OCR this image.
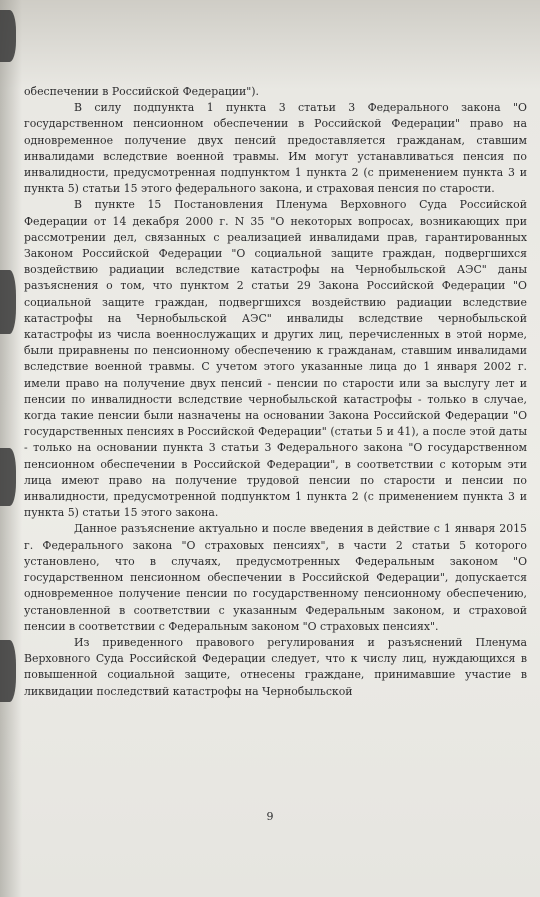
обеспечении в Российской Федерации").

В силу подпункта 1 пункта 3 статьи 3 Федерального закона "О государственном пенсионном обеспечении в Российской Федерации" право на одновременное получение двух пенсий предоставляется гражданам, ставшим инвалидами вследствие военной травмы. Им могут устанавливаться пенсия по инвалидности, предусмотренная подпунктом 1 пункта 2 (с применением пункта 3 и пункта 5) статьи 15 этого федерального закона, и страховая пенсия по старости.

В пункте 15 Постановления Пленума Верховного Суда Российской Федерации от 14 декабря 2000 г. N 35 "О некоторых вопросах, возникающих при рассмотрении дел, связанных с реализацией инвалидами прав, гарантированных Законом Российской Федерации "О социальной защите граждан, подвергшихся воздействию радиации вследствие катастрофы на Чернобыльской АЭС" даны разъяснения о том, что пунктом 2 статьи 29 Закона Российской Федерации "О социальной защите граждан, подвергшихся воздействию радиации вследствие катастрофы на Чернобыльской АЭС" инвалиды вследствие чернобыльской катастрофы из числа военнослужащих и других лиц, перечисленных в этой норме, были приравнены по пенсионному обеспечению к гражданам, ставшим инвалидами вследствие военной травмы. С учетом этого указанные лица до 1 января 2002 г. имели право на получение двух пенсий - пенсии по старости или за выслугу лет и пенсии по инвалидности вследствие чернобыльской катастрофы - только в случае, когда такие пенсии были назначены на основании Закона Российской Федерации "О государственных пенсиях в Российской Федерации" (статьи 5 и 41), а после этой даты - только на основании пункта 3 статьи 3 Федерального закона "О государственном пенсионном обеспечении в Российской Федерации", в соответствии с которым эти лица имеют право на получение трудовой пенсии по старости и пенсии по инвалидности, предусмотренной подпунктом 1 пункта 2 (с применением пункта 3 и пункта 5) статьи 15 этого закона.

Данное разъяснение актуально и после введения в действие с 1 января 2015 г. Федерального закона "О страховых пенсиях", в части 2 статьи 5 которого установлено, что в случаях, предусмотренных Федеральным законом "О государственном пенсионном обеспечении в Российской Федерации", допускается одновременное получение пенсии по государственному пенсионному обеспечению, установленной в соответствии с указанным Федеральным законом, и страховой пенсии в соответствии с Федеральным законом "О страховых пенсиях".

Из приведенного правового регулирования и разъяснений Пленума Верховного Суда Российской Федерации следует, что к числу лиц, нуждающихся в повышенной социальной защите, отнесены граждане, принимавшие участие в ликвидации последствий катастрофы на Чернобыльской

9
